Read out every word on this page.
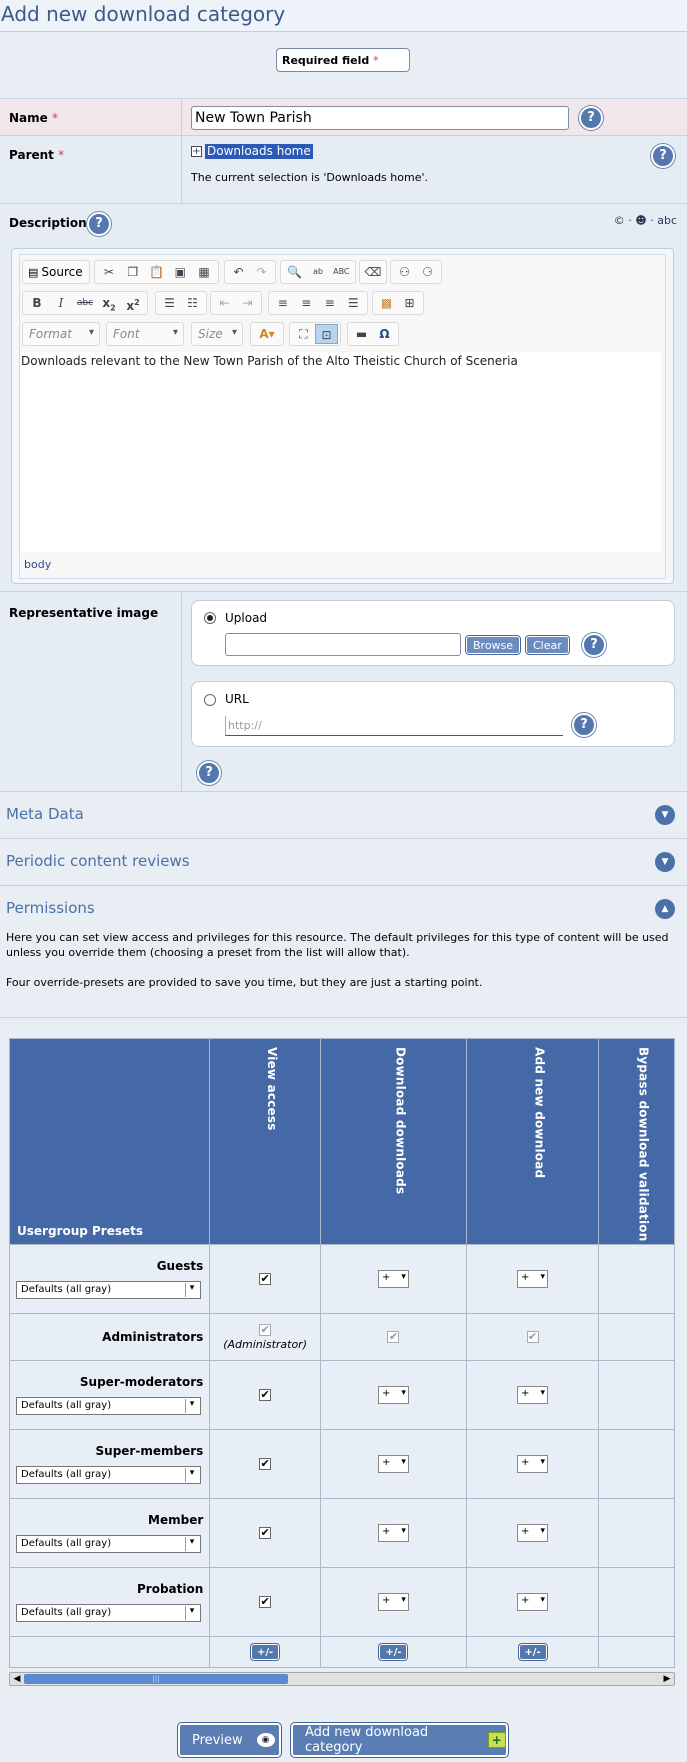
Add new download category
Required field *
Name *	New Town Parish	?
Parent *	+ Downloads home
The current selection is 'Downloads home'.
?
Description ?	© · ☻ · abc
▤ Source	✂	❐ 📋 ▣	▦	↶	↷	🔍	ab	ABC ⌫	⚇	⚆
B	I	abc $x_2$ $x^2$	☰	☷	⇤	⇥	≡	≡	≡	☰	▩	⊞
Format ▾	Font ▾	Size ▾	A▾	⛶	⊡	▬	Ω
Downloads relevant to the New Town Parish of the Alto Theistic Church of Sceneria
body
Representative image	Upload
Browse	Clear	?
URL
http://	?
?
Meta Data	▼
Periodic content reviews	▼
Permissions	▲
Here you can set view access and privileges for this resource. The default privileges for this type of content will be used unless you override them (choosing a preset from the list will allow that).
Four override-presets are provided to save you time, but they are just a starting point.
Usergroup Presets	View access	Download downloads	Add new download	Bypass download validation

Guests
Defaults (all gray) ▾	✔	+ ▾	+ ▾

Administrators	✔
(Administrator)	✔	✔	

Super-moderators
Defaults (all gray) ▾	✔	+ ▾	+ ▾

Super-members
Defaults (all gray) ▾	✔	+ ▾	+ ▾

Member
Defaults (all gray) ▾	✔	+ ▾	+ ▾

Probation
Defaults (all gray) ▾	✔	+ ▾	+ ▾

	+/-	+/-	+/-	

◀	|||	▶
Preview	◉	Add new download category	+
